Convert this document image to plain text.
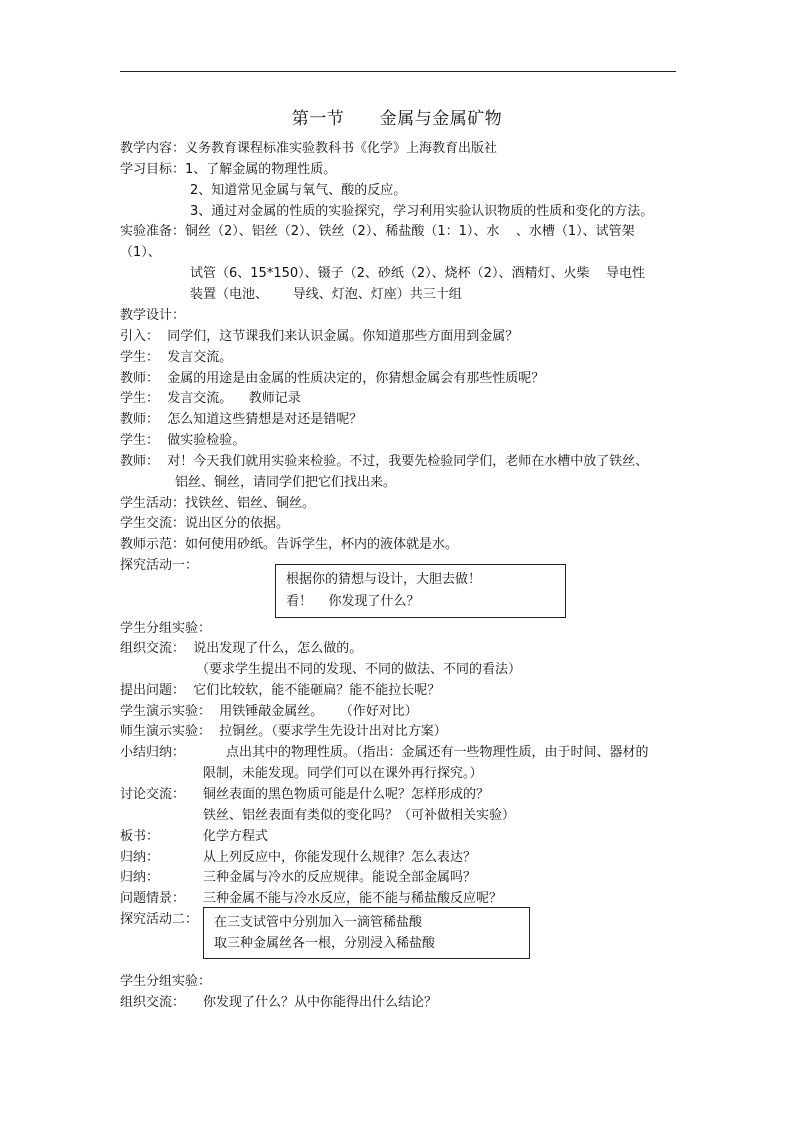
第一节      金属与金属矿物
教学内容：义务教育课程标准实验教科书《化学》上海教育出版社
学习目标：1、了解金属的物理性质。
2、知道常见金属与氧气、酸的反应。
3、通过对金属的性质的实验探究，学习利用实验认识物质的性质和变化的方法。
实验准备：铜丝（2）、铝丝（2）、铁丝（2）、稀盐酸（1：1）、水    、水槽（1）、试管架
（1）、
试管（6、15*150）、镊子（2、砂纸（2）、烧杯（2）、酒精灯、火柴    导电性
装置（电池、      导线、灯泡、灯座）共三十组
教学设计：
引入：  同学们，这节课我们来认识金属。你知道那些方面用到金属？
学生：  发言交流。
教师：  金属的用途是由金属的性质决定的，你猜想金属会有那些性质呢？
学生：  发言交流。    教师记录
教师：  怎么知道这些猜想是对还是错呢？
学生：  做实验检验。
教师：  对！今天我们就用实验来检验。不过，我要先检验同学们，老师在水槽中放了铁丝、
铝丝、铜丝，请同学们把它们找出来。
学生活动：找铁丝、铝丝、铜丝。
学生交流：说出区分的依据。
教师示范：如何使用砂纸。告诉学生，杯内的液体就是水。
探究活动一：
根据你的猜想与设计，大胆去做！
看！    你发现了什么？
学生分组实验：
组织交流：  说出发现了什么，怎么做的。
（要求学生提出不同的发现、不同的做法、不同的看法）
提出问题：  它们比较软，能不能砸扁？能不能拉长呢？
学生演示实验：  用铁锤敲金属丝。    （作好对比）
师生演示实验：  拉铜丝。（要求学生先设计出对比方案）
小结归纳：	点出其中的物理性质。（指出：金属还有一些物理性质，由于时间、器材的
限制，未能发现。同学们可以在课外再行探究。）
讨论交流： 铜丝表面的黑色物质可能是什么呢？怎样形成的？
铁丝、铝丝表面有类似的变化吗？（可补做相关实验）
板书：	化学方程式
归纳：	从上列反应中，你能发现什么规律？怎么表达？
归纳：	三种金属与冷水的反应规律。能说全部金属吗？
问题情景： 三种金属不能与冷水反应，能不能与稀盐酸反应呢？
探究活动二： 在三支试管中分别加入一滴管稀盐酸
取三种金属丝各一根，分别浸入稀盐酸
学生分组实验：
组织交流： 你发现了什么？从中你能得出什么结论？
